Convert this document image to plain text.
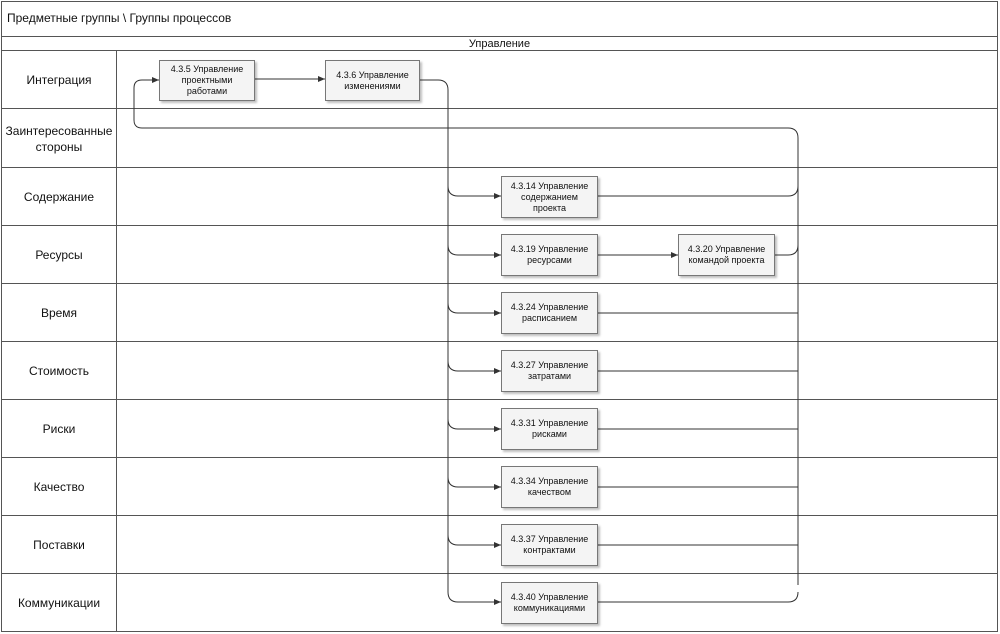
Предметные группы \ Группы процессов
Управление
Интеграция
Заинтересованные стороны
Содержание
Ресурсы
Время
Стоимость
Риски
Качество
Поставки
Коммуникации
4.3.5 Управление проектными работами
4.3.6 Управление изменениями
4.3.14 Управление содержанием проекта
4.3.19 Управление ресурсами
4.3.20 Управление командой проекта
4.3.24 Управление расписанием
4.3.27 Управление затратами
4.3.31 Управление рисками
4.3.34 Управление качеством
4.3.37 Управление контрактами
4.3.40 Управление коммуникациями
